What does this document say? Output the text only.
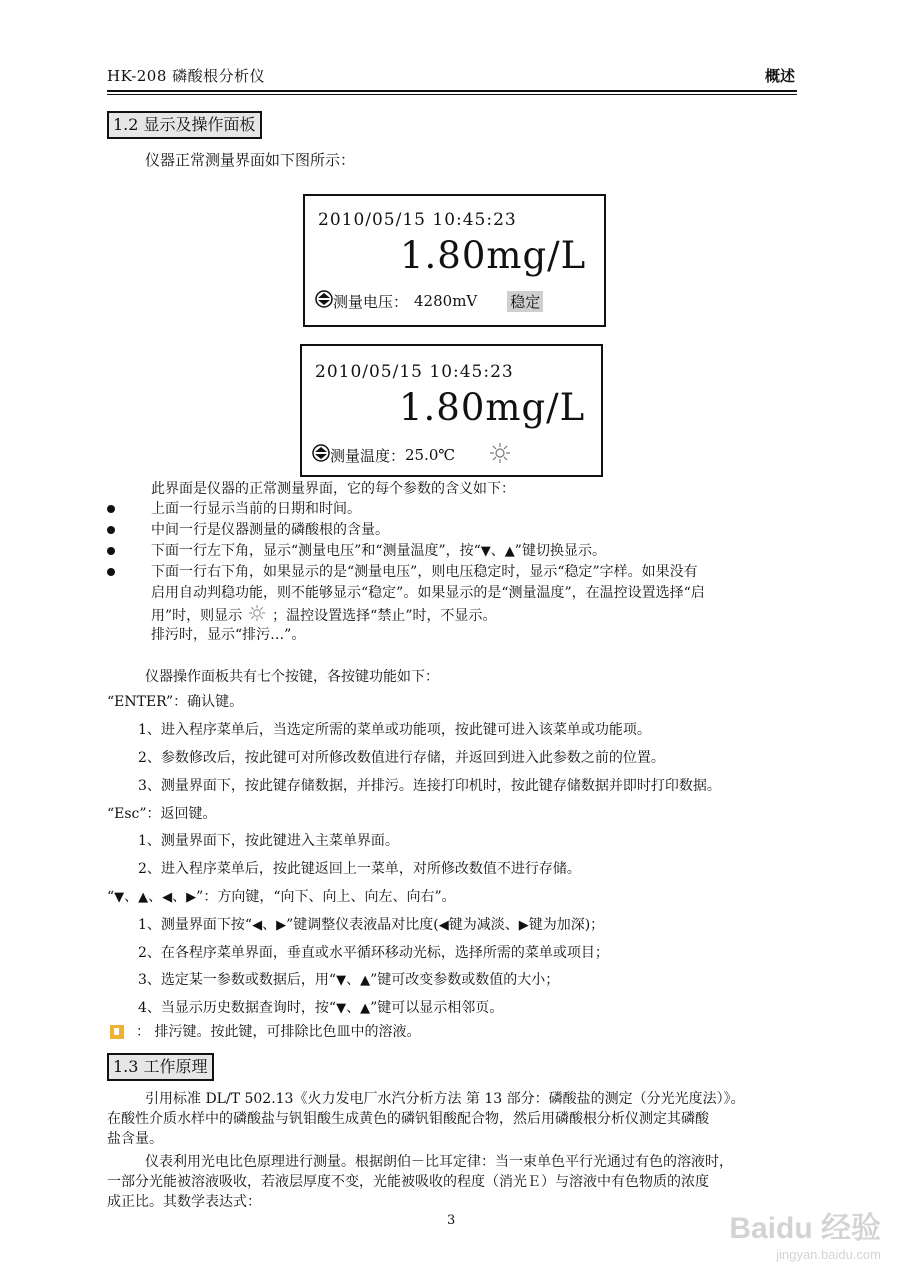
HK-208 磷酸根分析仪	概述
1.2 显示及操作面板
仪器正常测量界面如下图所示：
2010/05/15 10:45:23
1.80mg/L
测量电压： 4280mV 稳定
2010/05/15 10:45:23
1.80mg/L
测量温度： 25.0℃
此界面是仪器的正常测量界面，它的每个参数的含义如下：
上面一行显示当前的日期和时间。
中间一行是仪器测量的磷酸根的含量。
下面一行左下角，显示“测量电压”和“测量温度”，按“▼、▲”键切换显示。
下面一行右下角，如果显示的是“测量电压”，则电压稳定时，显示“稳定”字样。如果没有
启用自动判稳功能，则不能够显示“稳定”。如果显示的是“测量温度”，在温控设置选择“启
用”时，则显示 ；温控设置选择“禁止”时，不显示。
排污时，显示“排污…”。
仪器操作面板共有七个按键，各按键功能如下：
“ENTER”：确认键。
1、进入程序菜单后，当选定所需的菜单或功能项，按此键可进入该菜单或功能项。
2、参数修改后，按此键可对所修改数值进行存储，并返回到进入此参数之前的位置。
3、测量界面下，按此键存储数据，并排污。连接打印机时，按此键存储数据并即时打印数据。
“Esc”：返回键。
1、测量界面下，按此键进入主菜单界面。
2、进入程序菜单后，按此键返回上一菜单，对所修改数值不进行存储。
“▼、▲、◀、▶”：方向键，“向下、向上、向左、向右”。
1、测量界面下按“◀、▶”键调整仪表液晶对比度(◀键为减淡、▶键为加深)；
2、在各程序菜单界面，垂直或水平循环移动光标，选择所需的菜单或项目；
3、选定某一参数或数据后，用“▼、▲”键可改变参数或数值的大小；
4、当显示历史数据查询时，按“▼、▲”键可以显示相邻页。
： 排污键。按此键，可排除比色皿中的溶液。
1.3 工作原理
引用标准 DL/T 502.13《火力发电厂水汽分析方法 第 13 部分：磷酸盐的测定（分光光度法）》。
在酸性介质水样中的磷酸盐与钒钼酸生成黄色的磷钒钼酸配合物，然后用磷酸根分析仪测定其磷酸
盐含量。
仪表利用光电比色原理进行测量。根据朗伯－比耳定律：当一束单色平行光通过有色的溶液时，
一部分光能被溶液吸收，若液层厚度不变，光能被吸收的程度（消光Ｅ）与溶液中有色物质的浓度
成正比。其数学表达式：
3	Baidu 经验
jingyan.baidu.com
